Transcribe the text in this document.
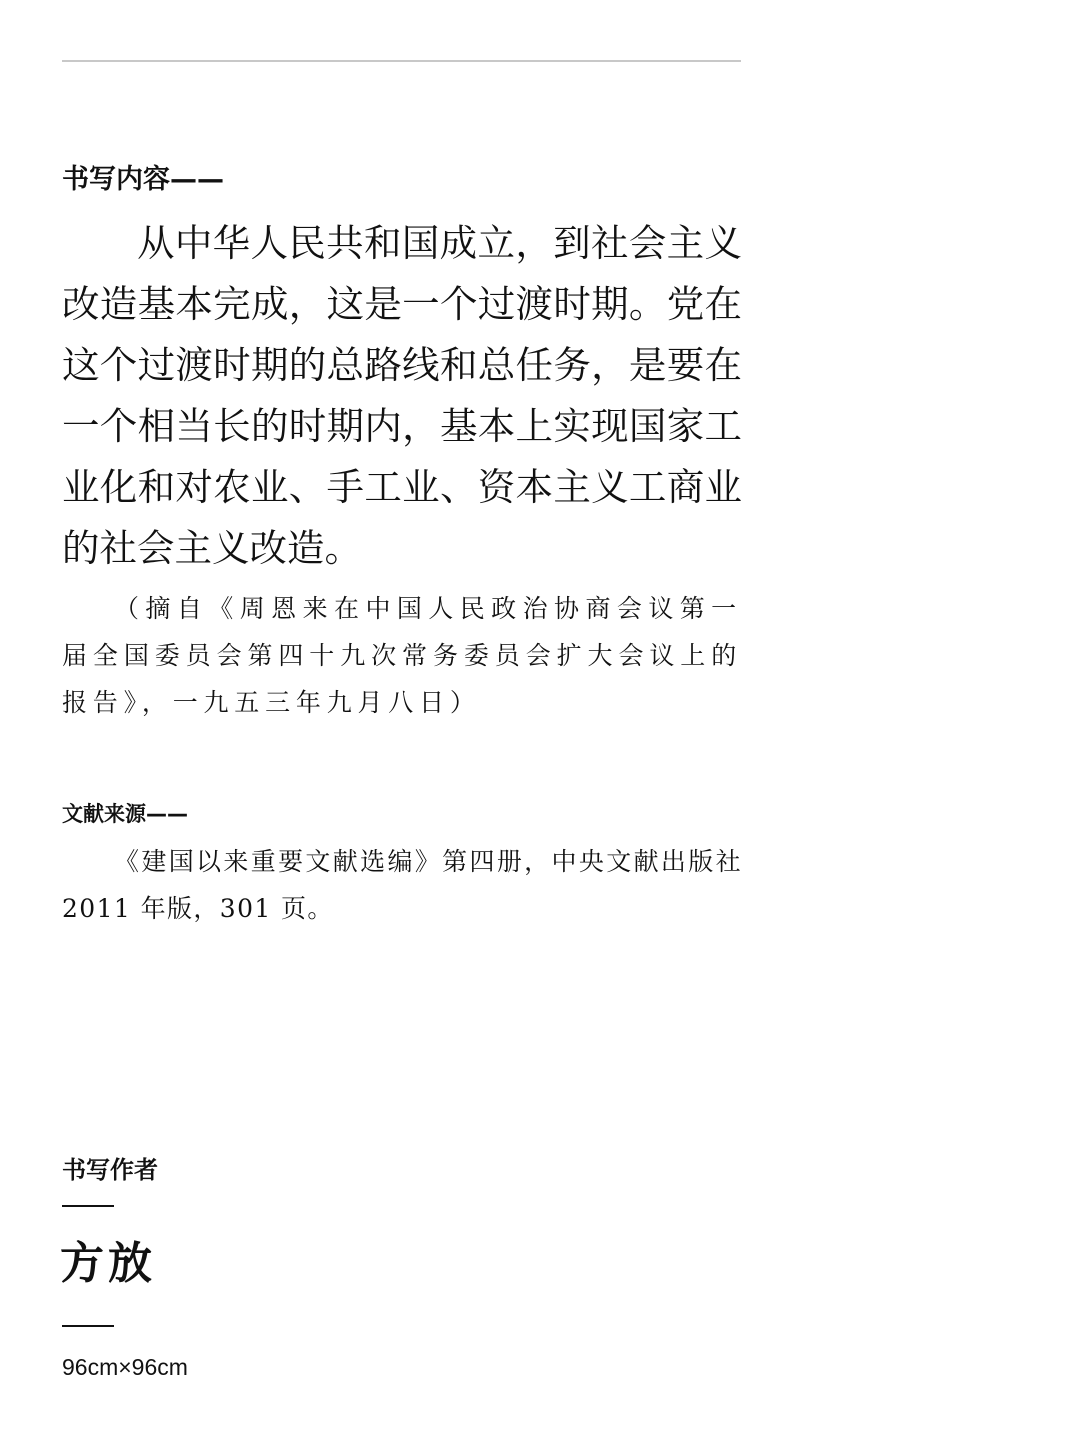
书写内容——

从中华人民共和国成立，到社会主义改造基本完成，这是一个过渡时期。党在这个过渡时期的总路线和总任务，是要在一个相当长的时期内，基本上实现国家工业化和对农业、手工业、资本主义工商业的社会主义改造。

（摘自《周恩来在中国人民政治协商会议第一届全国委员会第四十九次常务委员会扩大会议上的报告》，一九五三年九月八日）

文献来源——

《建国以来重要文献选编》第四册，中央文献出版社 2011 年版，301 页。

书写作者
方放
96cm×96cm
